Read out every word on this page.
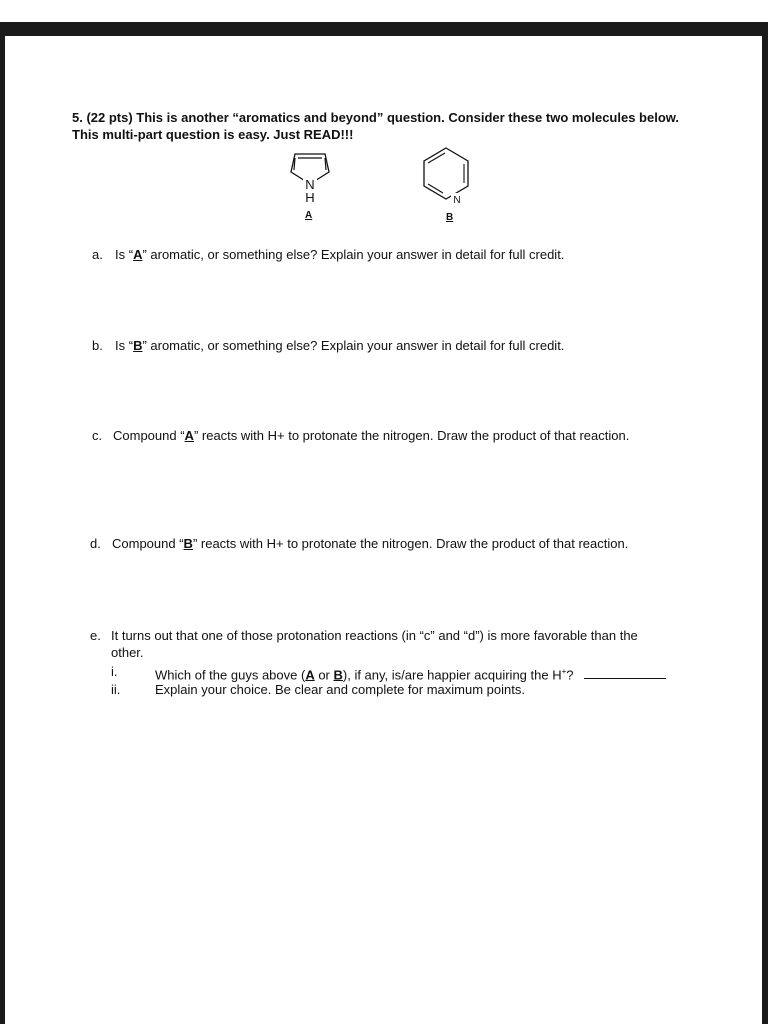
5. (22 pts) This is another “aromatics and beyond” question. Consider these two molecules below.
This multi-part question is easy. Just READ!!!
N
H
A
N
B
a. Is “A” aromatic, or something else? Explain your answer in detail for full credit.
b. Is “B” aromatic, or something else? Explain your answer in detail for full credit.
c. Compound “A” reacts with H+ to protonate the nitrogen. Draw the product of that reaction.
d. Compound “B” reacts with H+ to protonate the nitrogen. Draw the product of that reaction.
e. It turns out that one of those protonation reactions (in “c” and “d”) is more favorable than the
other.
i.	Which of the guys above (A or B), if any, is/are happier acquiring the H+?
ii.	Explain your choice. Be clear and complete for maximum points.
